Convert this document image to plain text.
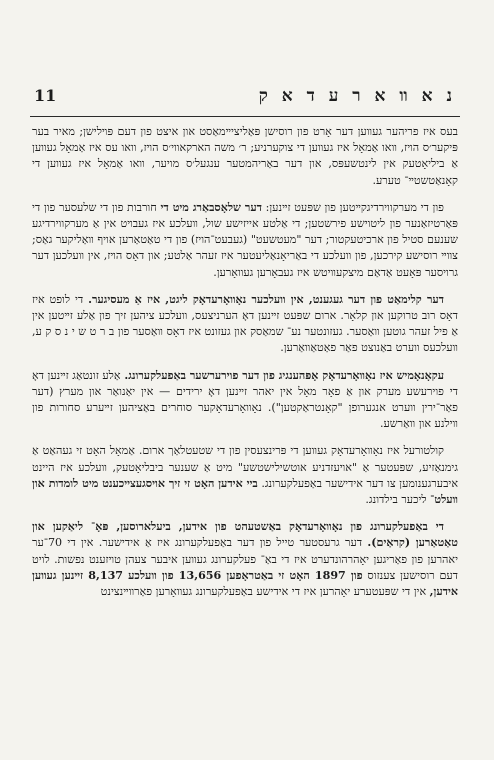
11	נ א װ א ר ע ד א ק

בעס איז פריהער געװען דער אָרט פון רוסישן פּאַליציײמאַסט און איצט פון דעם פּױלישן; מאיר בער פּיקער׳ס הױז, װאו אַמאָל איז געװען די צוקערניע; ר׳ משה הארקאװי׳ס הױז, װאו עס איז אַמאָל געװען אַ ביליאָטעק אין לינטשעפּס, און דער באַריהמטער ענגעל׳ס מויער, װאו אַמאָל איז געװען די קאָנאַטשטײ־ טערע.

פון די מערקווירדיגקײטען פון שפּעט זײנען: דער שלאָסבאַרג מיט די חורבות פון די שלעסער פון די פּאַרטיזאַנער פון ליטוישע פירשטען; די אַלטע אייזישע שול, װעלכע איז געבױט אין אַ מערקווירדיגע שענעם סטיל פון ארכיטעקטור; דער "מעטשעט" (געבעט־הויז) פון די טאַטאַרען אויף װאַליקער גאַס; צװײ רוסישע קירכען, פון װעלכע די באַריאָנאַליעטער איז זעהר אַלטע; און דאָס הױז, אין װעלכען דער גרויסער פּאָעט אַדאַם מיצקעװיטש איז געבאָרען געװאָרען.

דער קלימאַט פון דער געגענט, אין װעלכער נאָװאָרעדאָק ליגט, איז אַ מעסיגער. די לופט איז דאָס רוב טרוקען און קלאָר. ארום שפּעט זײנען דאָ הערניצעס, װעלכע ציהען זיך פון אַלע זײטען אין אַ פיל זעהר גוטען װאַסער. געזונטער נע־ שמאַסק און געזונט איז דאָס װאַסער פון ב ר ט ש י נ ס ק ע, װעלכעס װערט באַנוצט פאַר פאַטאַװאַרען.

עקאָנאָמיש איז נאָװאָרעדאָק אָפּהענגיג פון דער פוירערשער באַפעלקערונג. אַלע זונטאַג זײנען דאָ די פוירעשע מערק און אַ פאָר מאָל אין יאהר זײנען דאָ ירידים — אין יאַנואַר און מערץ (דער פאַר־ירין װערט אנגערופן "קאָנטראַקטען"). נאָװאָרעדאָקער סוחרים באַציהען זײערע סחורות פון װילנע און װאַרשע.

קולטורעל איז נאָװאָרעדאָק געװען די פּרינצעסין פון די שטעטלאַך ארום. אַמאָל האָט זי געהאַט אַ גימנאַזיע, שפּעטער אַ "אױעזדניע אוטשילישטשע" מיט אַ שענער ביבליאָטעק, װעלכע איז היינט איבערגענומען צו דער אידישער באַפעלקערונג. ביי אידען האָט זי זיך אויסגעצייכענט מיט לומדות און װעלט־ ליכער בילדונג.

די באַפעלקערונג פון נאָװאָרעדאָק באַשטעהט פון אידען, ביעלארוסען, פּאָ־ ליאַקען און טאַטאַרען (קראַים). דער גרעסטער טייל פון דער באַפעלקערונג איז אַ אידישער. אין די 70־ער יאהרען פון פאַריגען יאָהרהונדערט איז די באַ־ פעלקערונג געװען איבער צעהן טױזענט נפשות. לויט דעם רוסישען צענזוס פון 1897 האָט זי באַטראָפען 13,656 פון װעלכע 8,137 זײנען געװען אידען, אין די שפּעטערע יאָהרען איז די אידישע באַפעלקערונג געװאָרען פאַרװײנצינט
